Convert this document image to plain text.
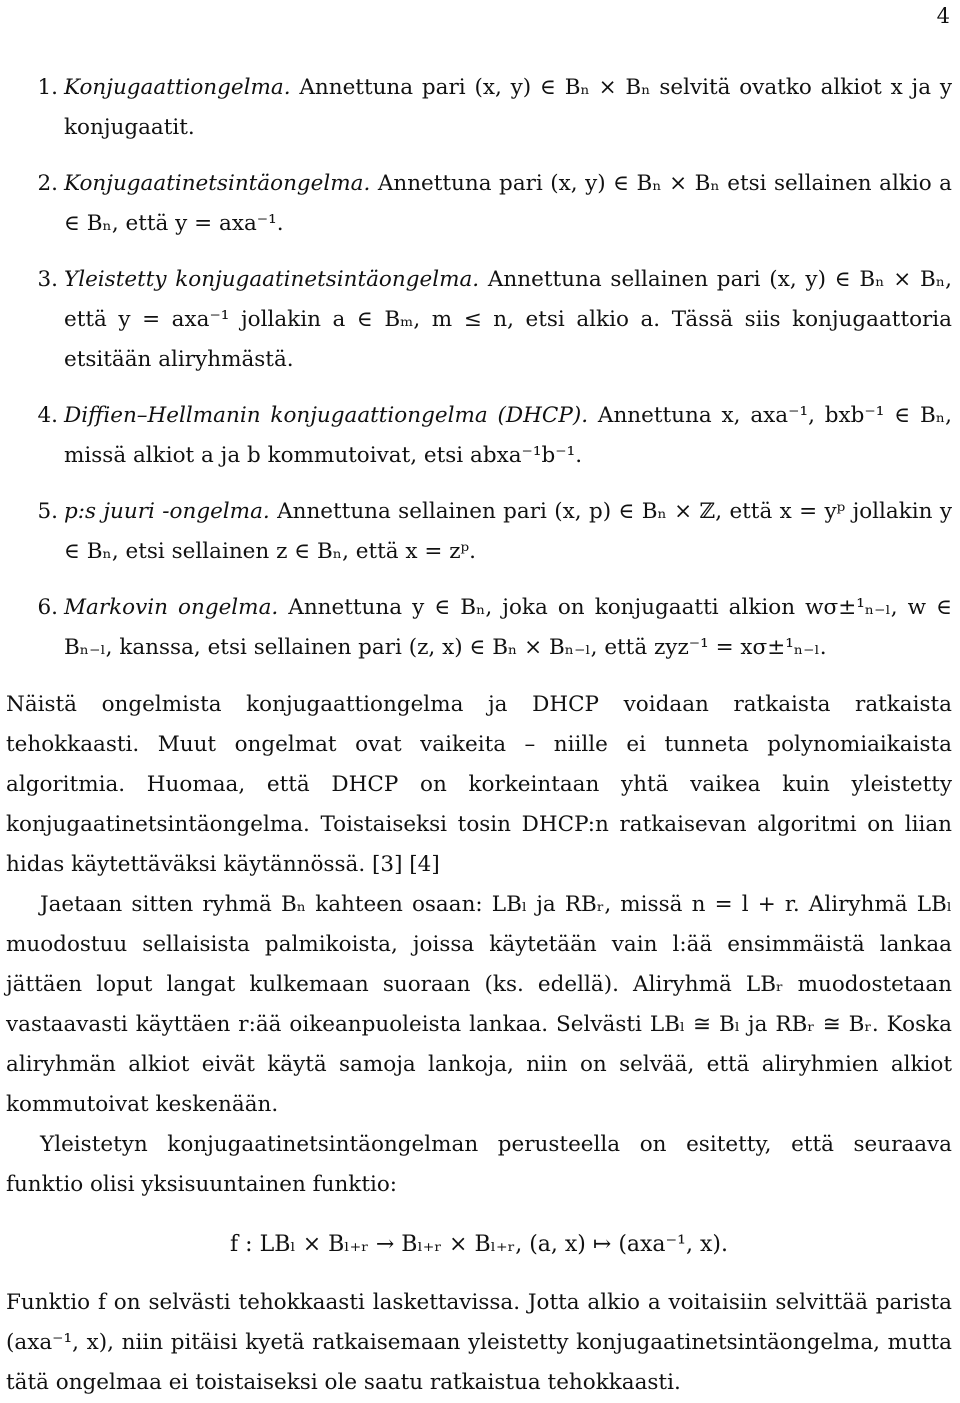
4
1. Konjugaattiongelma. Annettuna pari (x, y) ∈ Bₙ × Bₙ selvitä ovatko alkiot x ja y konjugaatit.
2. Konjugaatinetsintäongelma. Annettuna pari (x, y) ∈ Bₙ × Bₙ etsi sellainen alkio a ∈ Bₙ, että y = axa⁻¹.
3. Yleistetty konjugaatinetsintäongelma. Annettuna sellainen pari (x, y) ∈ Bₙ × Bₙ, että y = axa⁻¹ jollakin a ∈ Bₘ, m ≤ n, etsi alkio a. Tässä siis konjugaattoria etsitään aliryhmästä.
4. Diffien–Hellmanin konjugaattiongelma (DHCP). Annettuna x, axa⁻¹, bxb⁻¹ ∈ Bₙ, missä alkiot a ja b kommutoivat, etsi abxa⁻¹b⁻¹.
5. p:s juuri -ongelma. Annettuna sellainen pari (x, p) ∈ Bₙ × ℤ, että x = yᵖ jollakin y ∈ Bₙ, etsi sellainen z ∈ Bₙ, että x = zᵖ.
6. Markovin ongelma. Annettuna y ∈ Bₙ, joka on konjugaatti alkion wσ±¹ₙ₋ₗ, w ∈ Bₙ₋ₗ, kanssa, etsi sellainen pari (z, x) ∈ Bₙ × Bₙ₋ₗ, että zyz⁻¹ = xσ±¹ₙ₋ₗ.

Näistä ongelmista konjugaattiongelma ja DHCP voidaan ratkaista ratkaista tehokkaasti. Muut ongelmat ovat vaikeita – niille ei tunneta polynomiaikaista algoritmia. Huomaa, että DHCP on korkeintaan yhtä vaikea kuin yleistetty konjugaatinetsintäongelma. Toistaiseksi tosin DHCP:n ratkaisevan algoritmi on liian hidas käytettäväksi käytännössä. [3] [4]

Jaetaan sitten ryhmä Bₙ kahteen osaan: LBₗ ja RBᵣ, missä n = l + r. Aliryhmä LBₗ muodostuu sellaisista palmikoista, joissa käytetään vain l:ää ensimmäistä lankaa jättäen loput langat kulkemaan suoraan (ks. edellä). Aliryhmä LBᵣ muodostetaan vastaavasti käyttäen r:ää oikeanpuoleista lankaa. Selvästi LBₗ ≅ Bₗ ja RBᵣ ≅ Bᵣ. Koska aliryhmän alkiot eivät käytä samoja lankoja, niin on selvää, että aliryhmien alkiot kommutoivat keskenään.

Yleistetyn konjugaatinetsintäongelman perusteella on esitetty, että seuraava funktio olisi yksisuuntainen funktio:

f : LBₗ × Bₗ₊ᵣ → Bₗ₊ᵣ × Bₗ₊ᵣ, (a, x) ↦ (axa⁻¹, x).

Funktio f on selvästi tehokkaasti laskettavissa. Jotta alkio a voitaisiin selvittää parista (axa⁻¹, x), niin pitäisi kyetä ratkaisemaan yleistetty konjugaatinetsintäongelma, mutta tätä ongelmaa ei toistaiseksi ole saatu ratkaistua tehokkaasti.
